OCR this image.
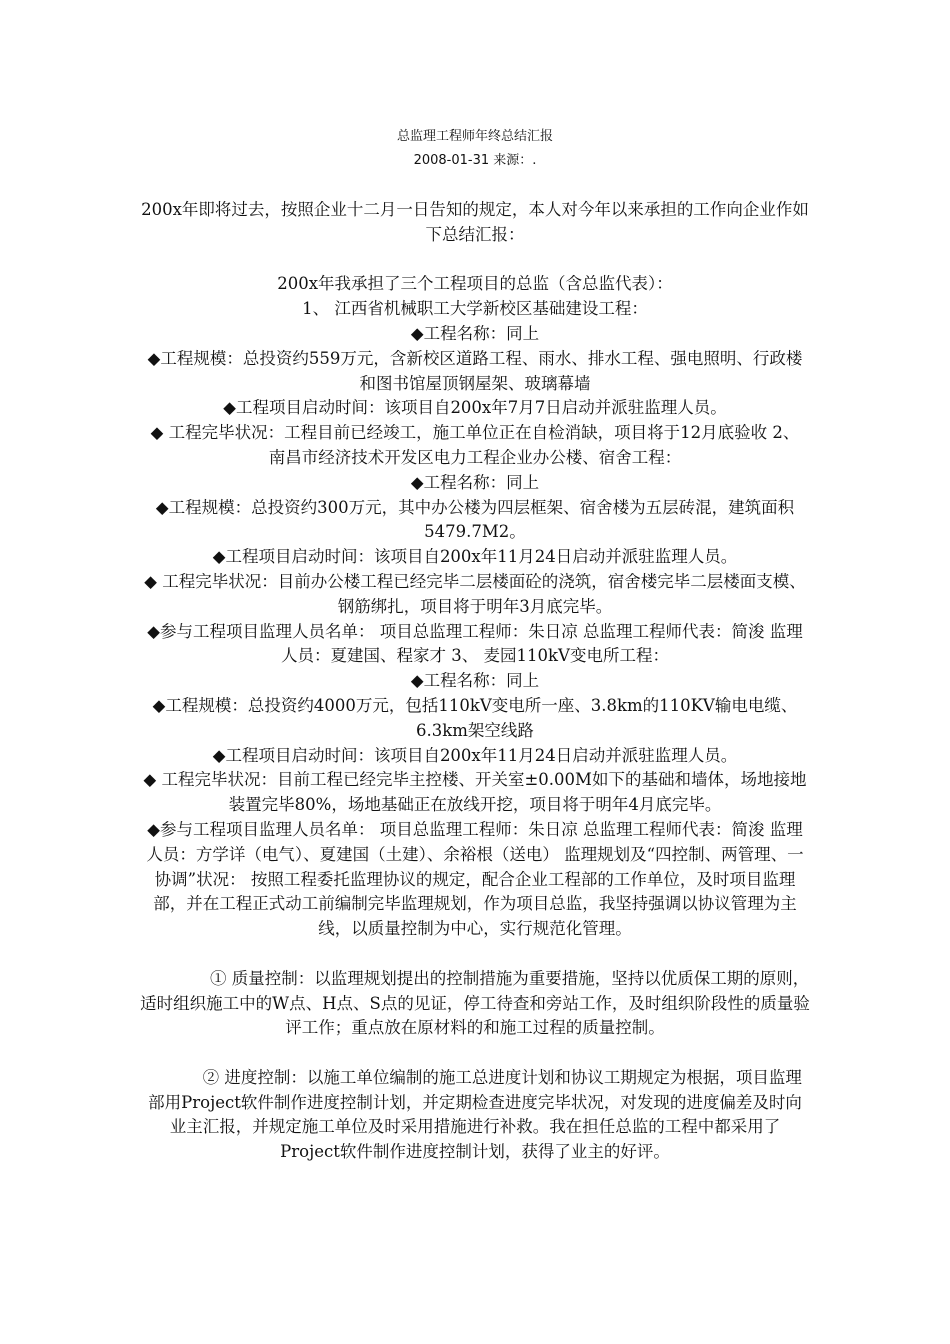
总监理工程师年终总结汇报
2008-01-31 来源：.

200x年即将过去，按照企业十二月一日告知的规定，本人对今年以来承担的工作向企业作如下总结汇报：

200x年我承担了三个工程项目的总监（含总监代表）：

1、 江西省机械职工大学新校区基础建设工程：

◆工程名称：同上

◆工程规模：总投资约559万元，含新校区道路工程、雨水、排水工程、强电照明、行政楼和图书馆屋顶钢屋架、玻璃幕墙

◆工程项目启动时间：该项目自200x年7月7日启动并派驻监理人员。

◆ 工程完毕状况：工程目前已经竣工，施工单位正在自检消缺，项目将于12月底验收 2、 南昌市经济技术开发区电力工程企业办公楼、宿舍工程：

◆工程名称：同上

◆工程规模：总投资约300万元，其中办公楼为四层框架、宿舍楼为五层砖混，建筑面积5479.7M2。

◆工程项目启动时间：该项目自200x年11月24日启动并派驻监理人员。

◆ 工程完毕状况：目前办公楼工程已经完毕二层楼面砼的浇筑，宿舍楼完毕二层楼面支模、钢筋绑扎，项目将于明年3月底完毕。

◆参与工程项目监理人员名单： 项目总监理工程师：朱日凉 总监理工程师代表：简浚 监理人员：夏建国、程家才 3、 麦园110kV变电所工程：

◆工程名称：同上

◆工程规模：总投资约4000万元，包括110kV变电所一座、3.8km的110KV输电电缆、6.3km架空线路

◆工程项目启动时间：该项目自200x年11月24日启动并派驻监理人员。

◆ 工程完毕状况：目前工程已经完毕主控楼、开关室±0.00M如下的基础和墙体，场地接地装置完毕80%，场地基础正在放线开挖，项目将于明年4月底完毕。

◆参与工程项目监理人员名单： 项目总监理工程师：朱日凉 总监理工程师代表：简浚 监理人员：方学详（电气）、夏建国（土建）、余裕根（送电） 监理规划及“四控制、两管理、一协调”状况： 按照工程委托监理协议的规定，配合企业工程部的工作单位，及时项目监理部，并在工程正式动工前编制完毕监理规划，作为项目总监，我坚持强调以协议管理为主线，以质量控制为中心，实行规范化管理。

① 质量控制：以监理规划提出的控制措施为重要措施，坚持以优质保工期的原则，适时组织施工中的W点、H点、S点的见证，停工待查和旁站工作，及时组织阶段性的质量验评工作；重点放在原材料的和施工过程的质量控制。

② 进度控制：以施工单位编制的施工总进度计划和协议工期规定为根据，项目监理部用Project软件制作进度控制计划，并定期检查进度完毕状况，对发现的进度偏差及时向业主汇报，并规定施工单位及时采用措施进行补救。我在担任总监的工程中都采用了Project软件制作进度控制计划，获得了业主的好评。
